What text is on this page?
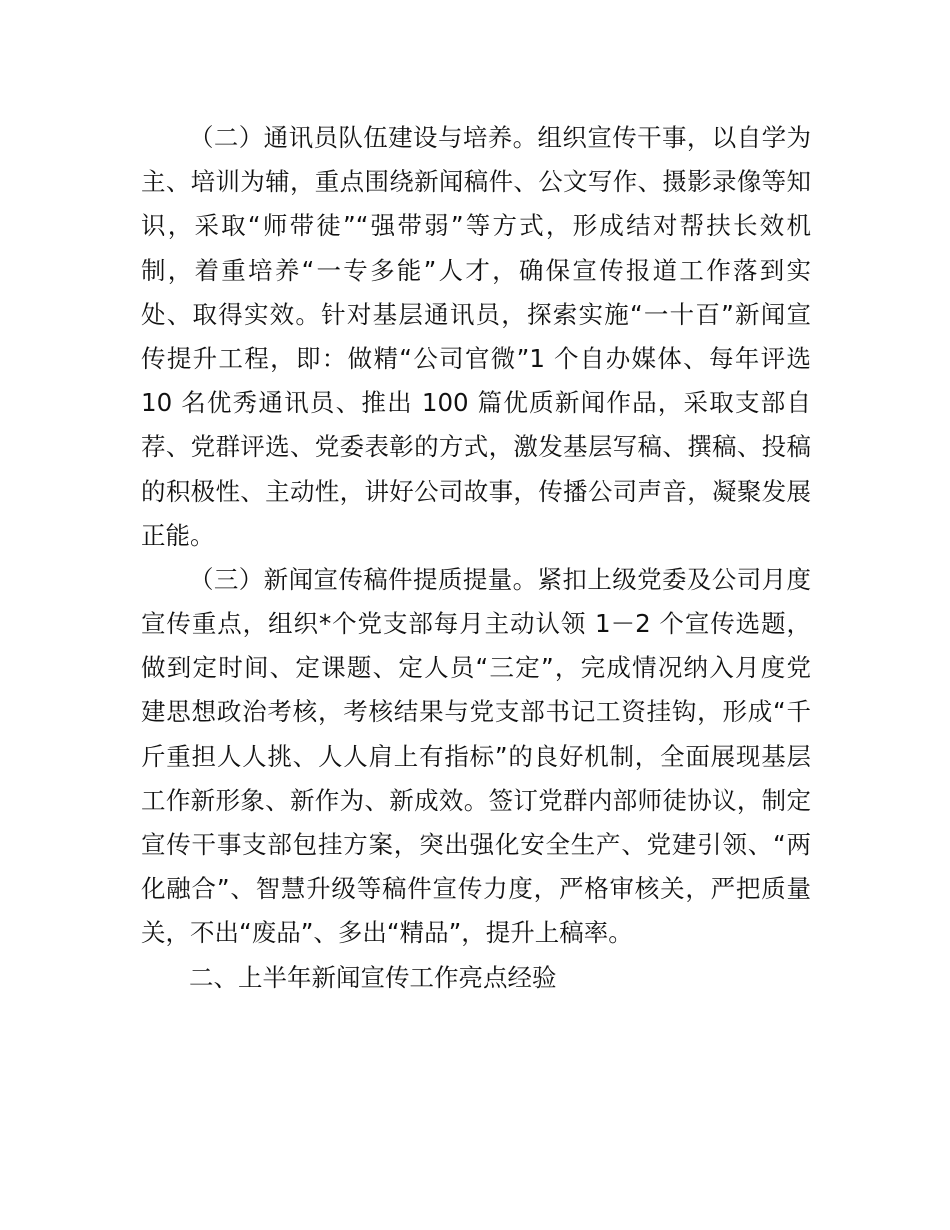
（二）通讯员队伍建设与培养。组织宣传干事，以自学为
主、培训为辅，重点围绕新闻稿件、公文写作、摄影录像等知
识，采取“师带徒”“强带弱”等方式，形成结对帮扶长效机
制，着重培养“一专多能”人才，确保宣传报道工作落到实
处、取得实效。针对基层通讯员，探索实施“一十百”新闻宣
传提升工程，即：做精“公司官微”1 个自办媒体、每年评选
10 名优秀通讯员、推出 100 篇优质新闻作品，采取支部自
荐、党群评选、党委表彰的方式，激发基层写稿、撰稿、投稿
的积极性、主动性，讲好公司故事，传播公司声音，凝聚发展
正能。
（三）新闻宣传稿件提质提量。紧扣上级党委及公司月度
宣传重点，组织*个党支部每月主动认领 1－2 个宣传选题，
做到定时间、定课题、定人员“三定”，完成情况纳入月度党
建思想政治考核，考核结果与党支部书记工资挂钩，形成“千
斤重担人人挑、人人肩上有指标”的良好机制，全面展现基层
工作新形象、新作为、新成效。签订党群内部师徒协议，制定
宣传干事支部包挂方案，突出强化安全生产、党建引领、“两
化融合”、智慧升级等稿件宣传力度，严格审核关，严把质量
关，不出“废品”、多出“精品”，提升上稿率。
二、上半年新闻宣传工作亮点经验
